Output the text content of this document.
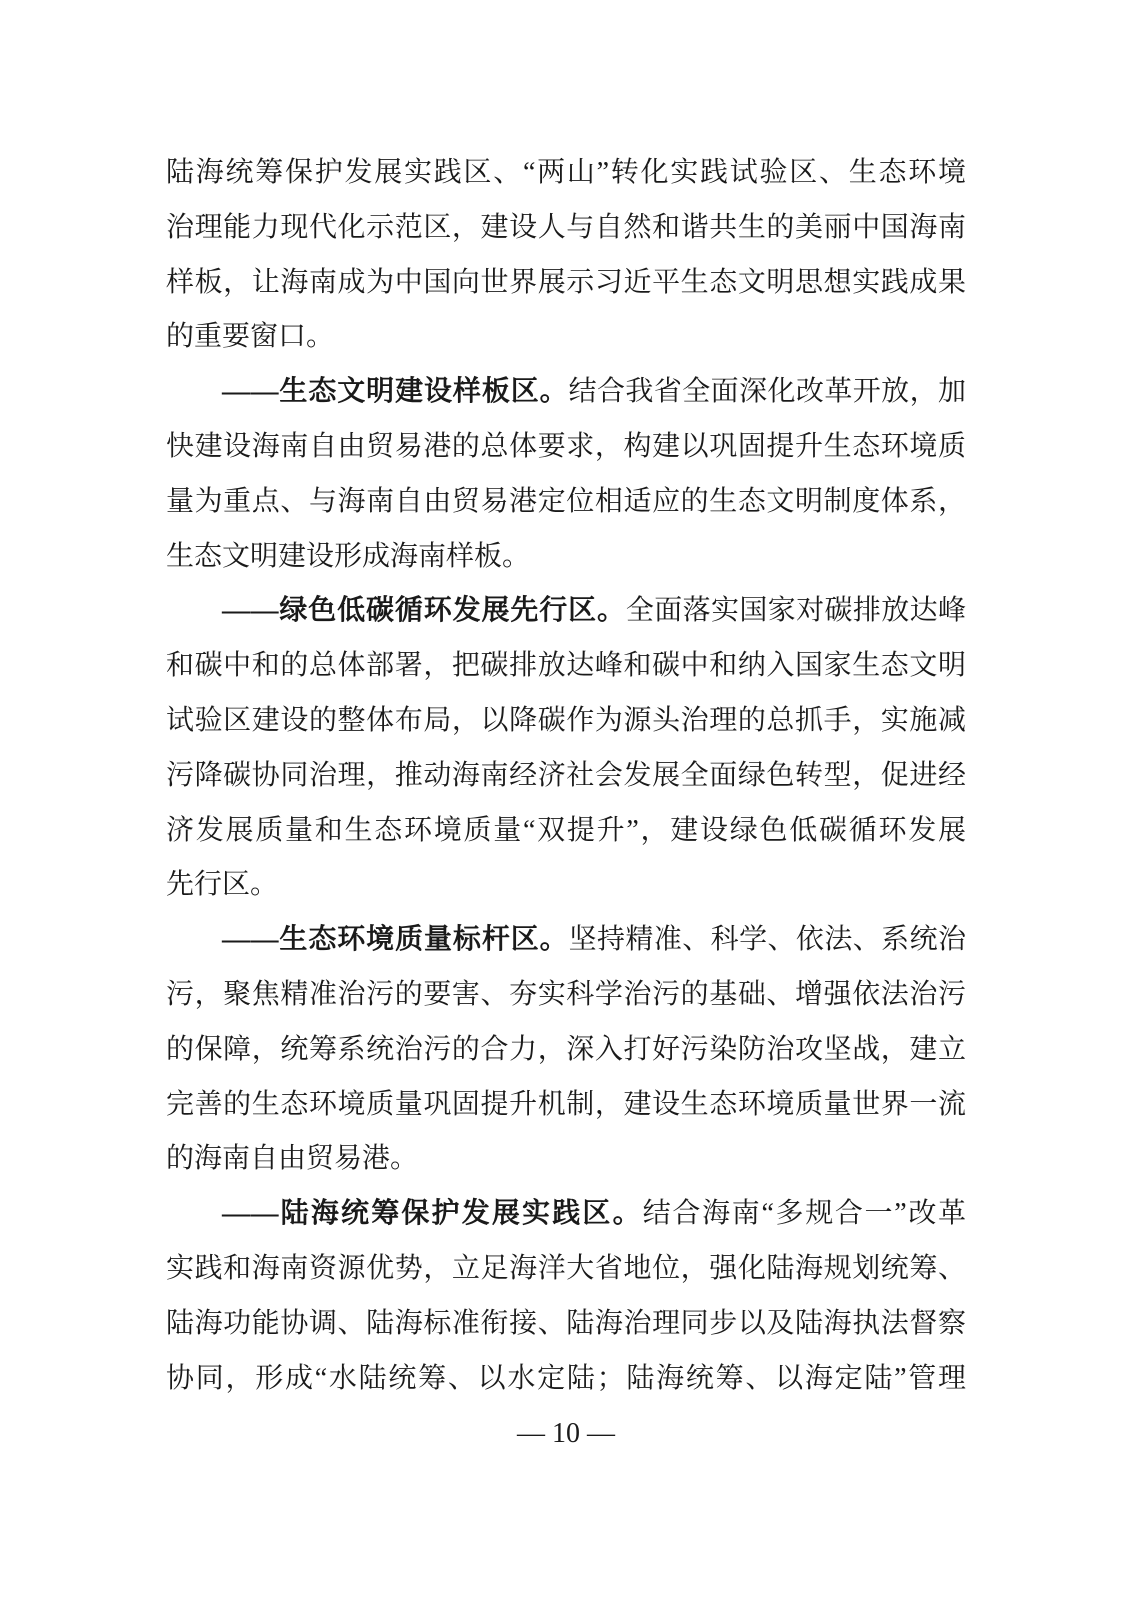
陆海统筹保护发展实践区、“两山”转化实践试验区、生态环境
治理能力现代化示范区，建设人与自然和谐共生的美丽中国海南
样板，让海南成为中国向世界展示习近平生态文明思想实践成果
的重要窗口。
——生态文明建设样板区。结合我省全面深化改革开放，加
快建设海南自由贸易港的总体要求，构建以巩固提升生态环境质
量为重点、与海南自由贸易港定位相适应的生态文明制度体系，
生态文明建设形成海南样板。
——绿色低碳循环发展先行区。全面落实国家对碳排放达峰
和碳中和的总体部署，把碳排放达峰和碳中和纳入国家生态文明
试验区建设的整体布局，以降碳作为源头治理的总抓手，实施减
污降碳协同治理，推动海南经济社会发展全面绿色转型，促进经
济发展质量和生态环境质量“双提升”，建设绿色低碳循环发展
先行区。
——生态环境质量标杆区。坚持精准、科学、依法、系统治
污，聚焦精准治污的要害、夯实科学治污的基础、增强依法治污
的保障，统筹系统治污的合力，深入打好污染防治攻坚战，建立
完善的生态环境质量巩固提升机制，建设生态环境质量世界一流
的海南自由贸易港。
——陆海统筹保护发展实践区。结合海南“多规合一”改革
实践和海南资源优势，立足海洋大省地位，强化陆海规划统筹、
陆海功能协调、陆海标准衔接、陆海治理同步以及陆海执法督察
协同，形成“水陆统筹、以水定陆；陆海统筹、以海定陆”管理
— 10 —
